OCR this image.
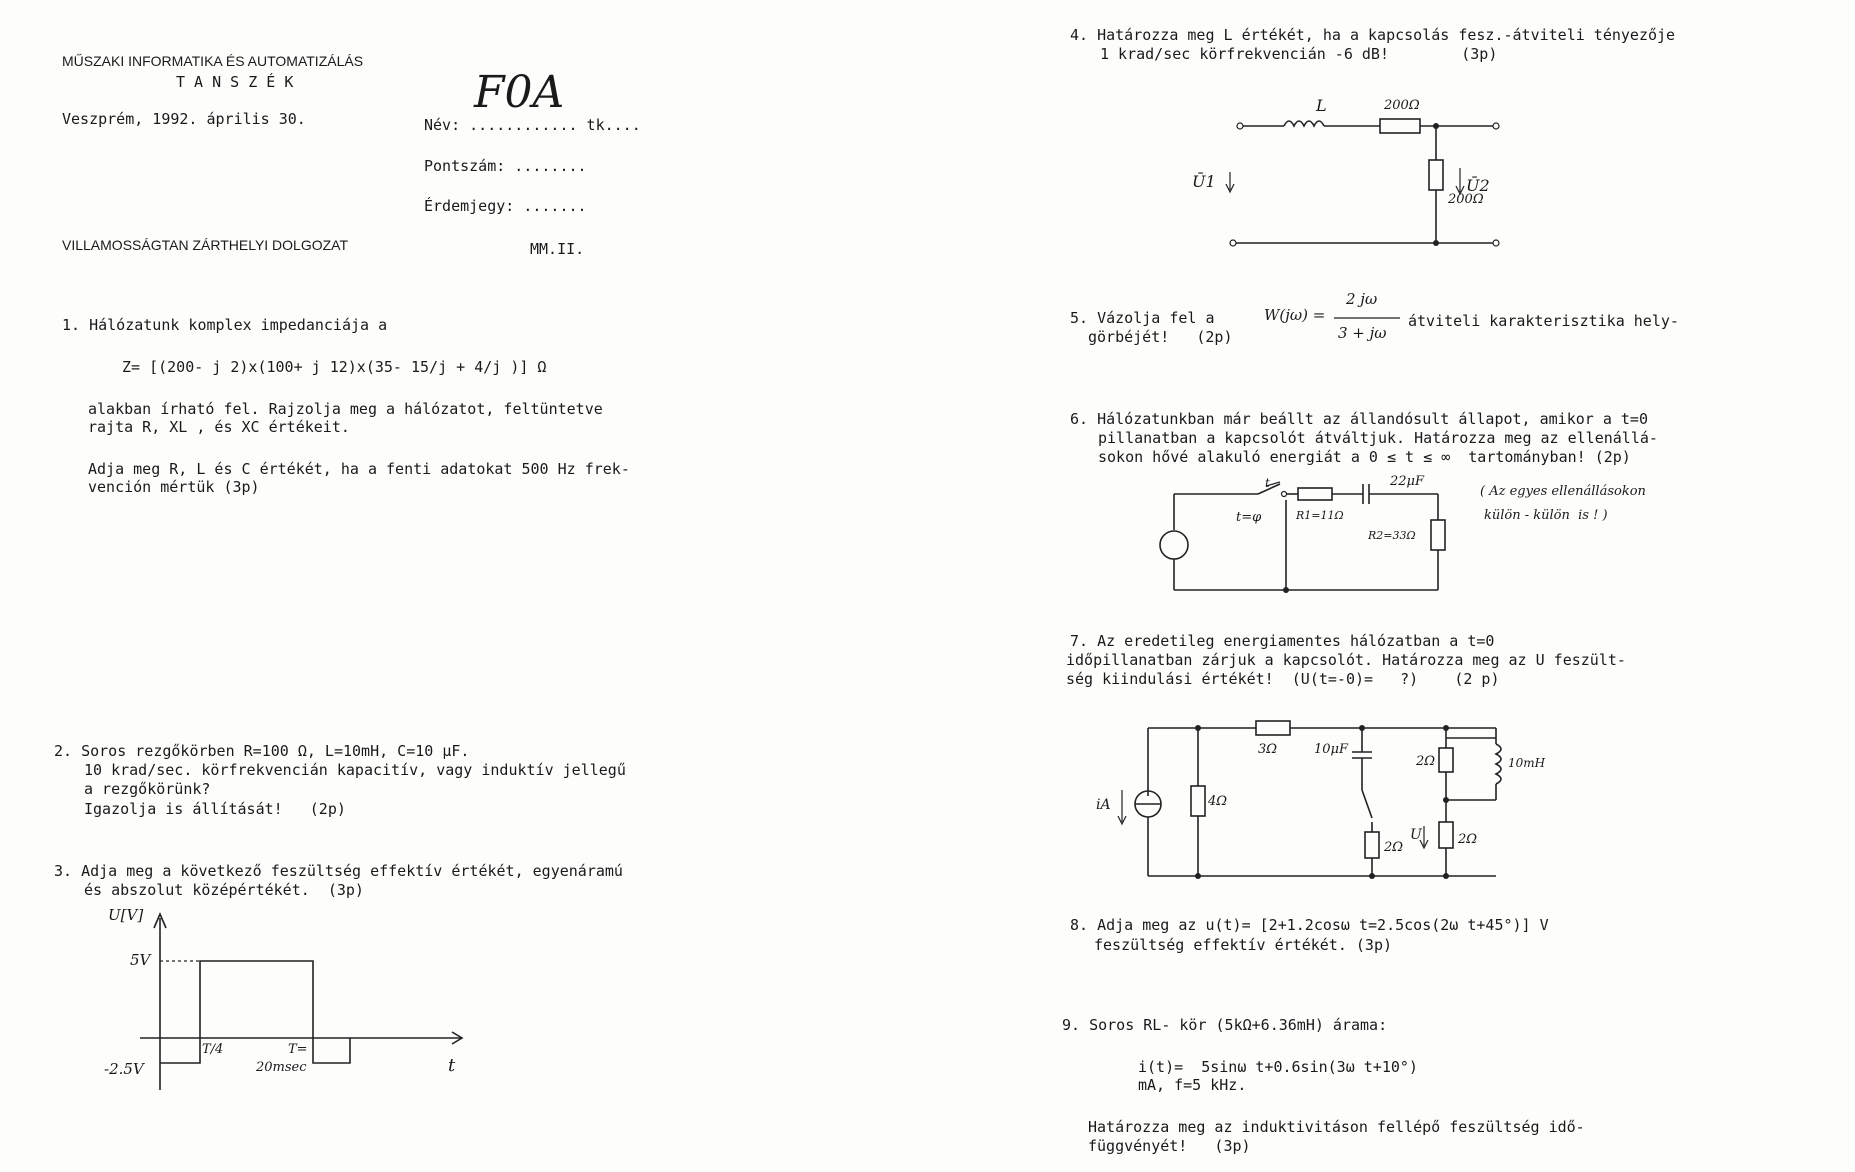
MŰSZAKI INFORMATIKA ÉS AUTOMATIZÁLÁS
T A N S Z É K
Veszprém, 1992. április 30.	Név: ............ tk....
F0A
Pontszám: ........
Érdemjegy: .......
VILLAMOSSÁGTAN ZÁRTHELYI DOLGOZAT	MM.II.
1. Hálózatunk komplex impedanciája a
Z= [(200- j 2)x(100+ j 12)x(35- 15/j + 4/j )] Ω
alakban írható fel. Rajzolja meg a hálózatot, feltüntetve
rajta R, XL , és XC értékeit.
Adja meg R, L és C értékét, ha a fenti adatokat 500 Hz frek-
vención mértük (3p)
2. Soros rezgőkörben R=100 Ω, L=10mH, C=10 μF.
10 krad/sec. körfrekvencián kapacitív, vagy induktív jellegű
a rezgőkörünk?
Igazolja is állítását!   (2p)
3. Adja meg a következő feszültség effektív értékét, egyenáramú
és abszolut középértékét.  (3p)
U[V]
5V
-2.5V
T/4	T=
20msec	t
4. Határozza meg L értékét, ha a kapcsolás fesz.-átviteli tényezője
1 krad/sec körfrekvencián -6 dB!        (3p)
L	200Ω
200Ω
Ū1	Ū2
5. Vázolja fel a	W(jω) =
2 jω
3 + jω
átviteli karakterisztika hely-
görbéjét!   (2p)
6. Hálózatunkban már beállt az állandósult állapot, amikor a t=0
pillanatban a kapcsolót átváltjuk. Határozza meg az ellenállá-
sokon hővé alakuló energiát a 0 ≤ t ≤ ∞  tartományban! (2p)
( Az egyes ellenállásokon
külön - külön  is ! )
t
t=φ
22μF
R1=11Ω
R2=33Ω
7. Az eredetileg energiamentes hálózatban a t=0
időpillanatban zárjuk a kapcsolót. Határozza meg az U feszült-
ség kiindulási értékét!  (U(t=-0)=   ?)    (2 p)
3Ω	10μF
2Ω	10mH
iA	4Ω
2Ω
U	2Ω
8. Adja meg az u(t)= [2+1.2cosω t=2.5cos(2ω t+45°)] V
feszültség effektív értékét. (3p)
9. Soros RL- kör (5kΩ+6.36mH) árama:
i(t)=  5sinω t+0.6sin(3ω t+10°)
mA, f=5 kHz.
Határozza meg az induktivitáson fellépő feszültség idő-
függvényét!   (3p)
